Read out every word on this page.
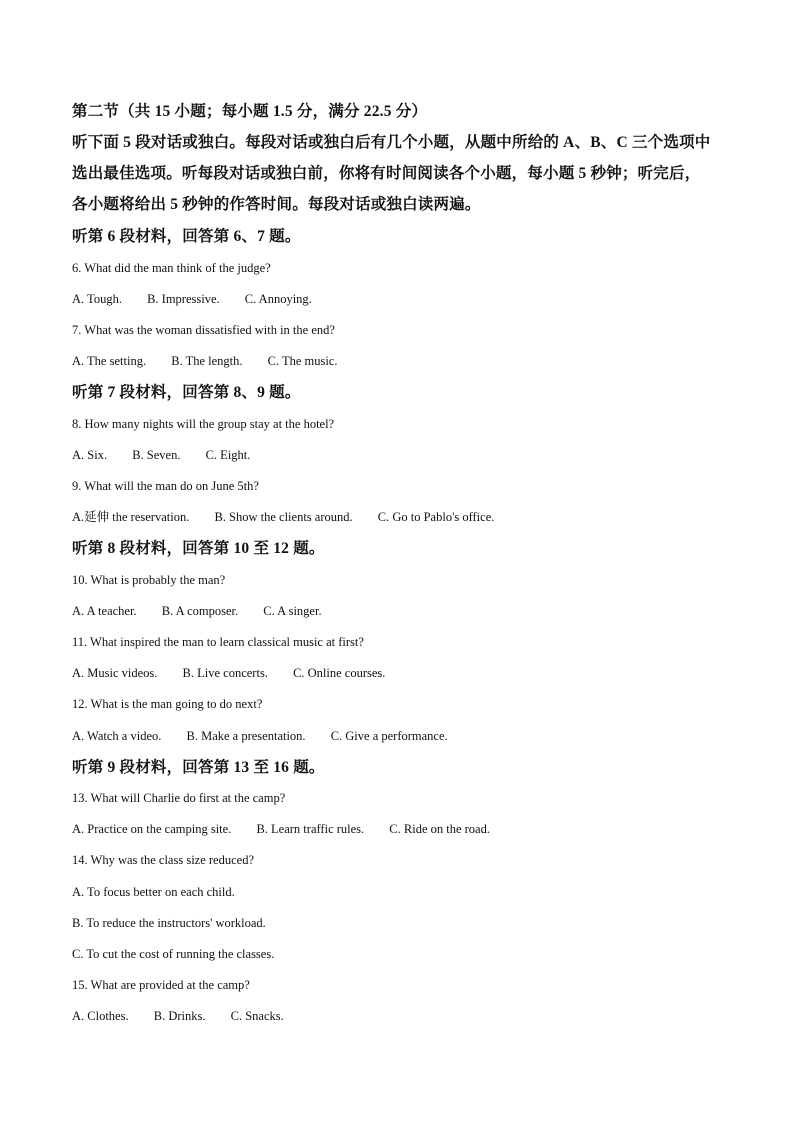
第二节（共 15 小题；每小题 1.5 分，满分 22.5 分）
听下面 5 段对话或独白。每段对话或独白后有几个小题，从题中所给的 A、B、C 三个选项中
选出最佳选项。听每段对话或独白前，你将有时间阅读各个小题，每小题 5 秒钟；听完后，
各小题将给出 5 秒钟的作答时间。每段对话或独白读两遍。
听第 6 段材料，回答第 6、7 题。
6. What did the man think of the judge?
A. Tough. B. Impressive. C. Annoying.
7. What was the woman dissatisfied with in the end?
A. The setting. B. The length. C. The music.
听第 7 段材料，回答第 8、9 题。
8. How many nights will the group stay at the hotel?
A. Six. B. Seven. C. Eight.
9. What will the man do on June 5th?
A.延伸 the reservation. B. Show the clients around. C. Go to Pablo's office.
听第 8 段材料，回答第 10 至 12 题。
10. What is probably the man?
A. A teacher. B. A composer. C. A singer.
11. What inspired the man to learn classical music at first?
A. Music videos. B. Live concerts. C. Online courses.
12. What is the man going to do next?
A. Watch a video. B. Make a presentation. C. Give a performance.
听第 9 段材料，回答第 13 至 16 题。
13. What will Charlie do first at the camp?
A. Practice on the camping site. B. Learn traffic rules. C. Ride on the road.
14. Why was the class size reduced?
A. To focus better on each child.
B. To reduce the instructors' workload.
C. To cut the cost of running the classes.
15. What are provided at the camp?
A. Clothes. B. Drinks. C. Snacks.
